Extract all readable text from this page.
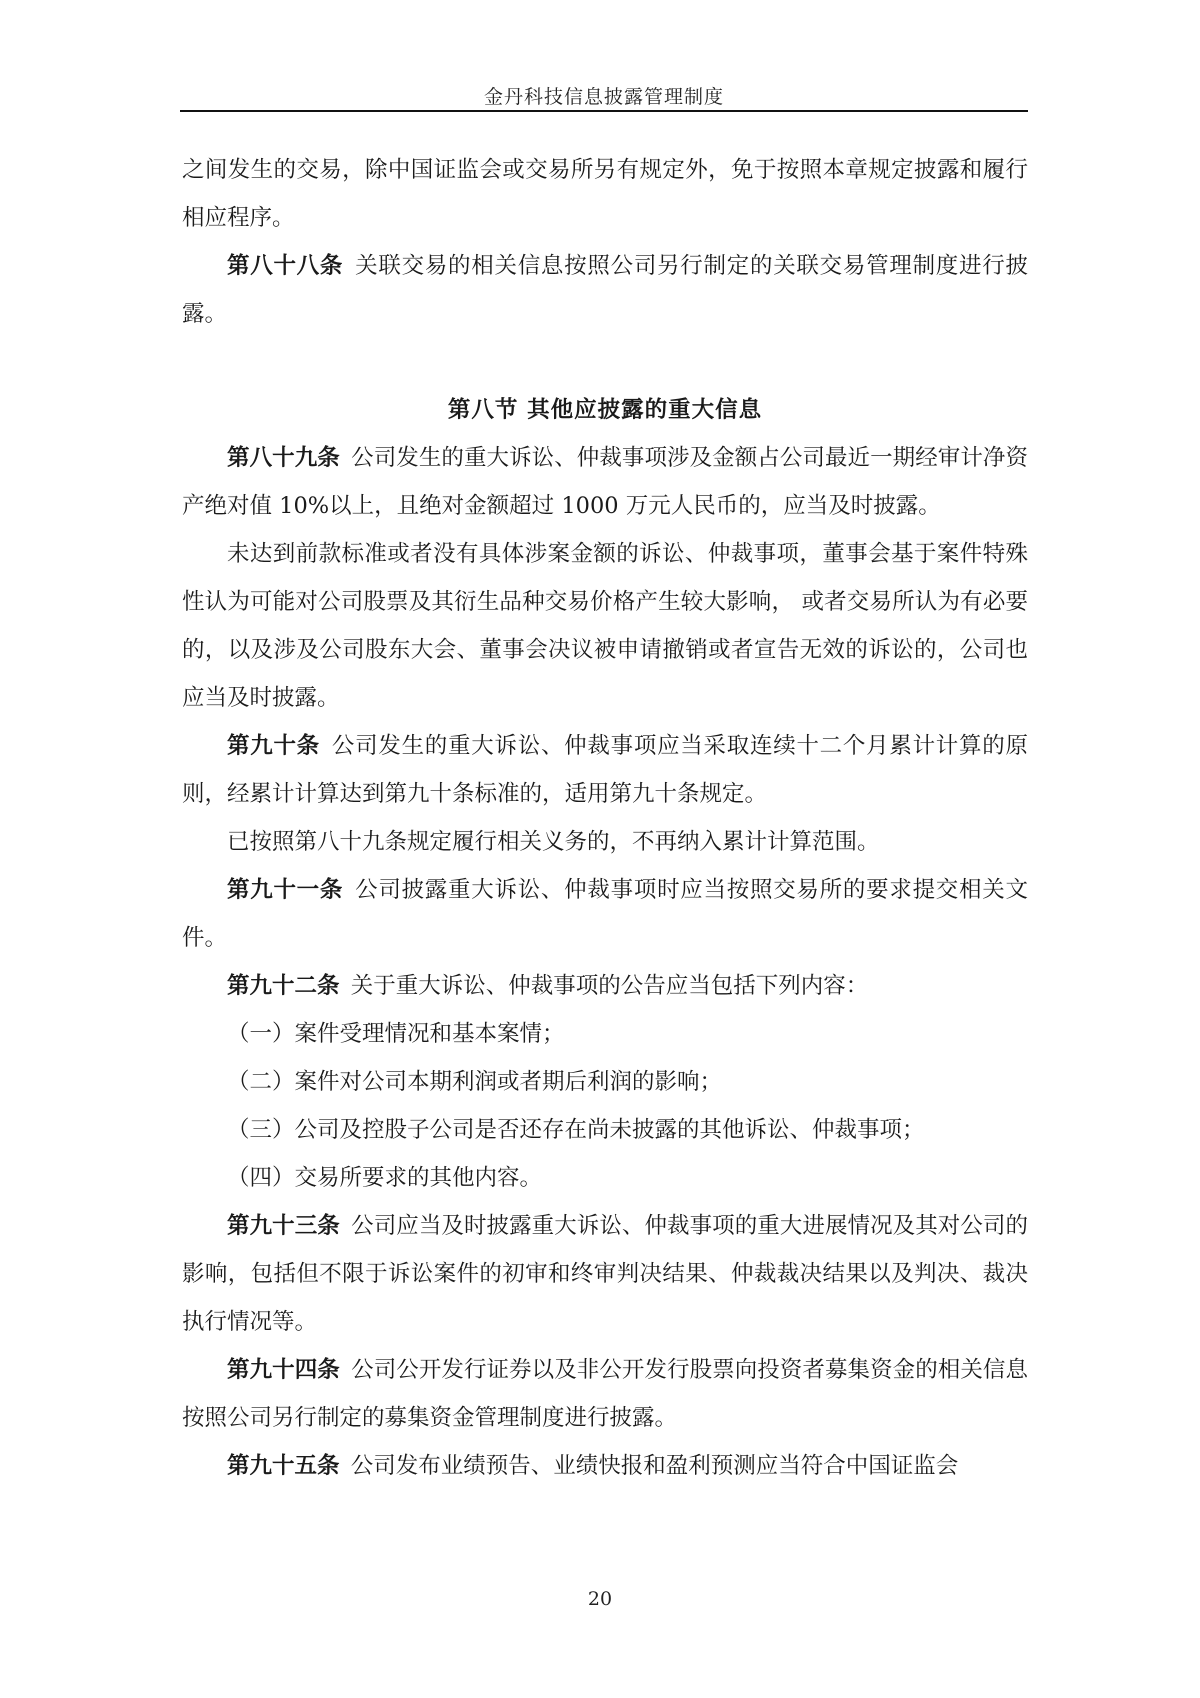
金丹科技信息披露管理制度

之间发生的交易，除中国证监会或交易所另有规定外，免于按照本章规定披露和履行相应程序。

第八十八条  关联交易的相关信息按照公司另行制定的关联交易管理制度进行披露。

第八节 其他应披露的重大信息

第八十九条  公司发生的重大诉讼、仲裁事项涉及金额占公司最近一期经审计净资产绝对值 10%以上，且绝对金额超过 1000 万元人民币的，应当及时披露。

未达到前款标准或者没有具体涉案金额的诉讼、仲裁事项，董事会基于案件特殊性认为可能对公司股票及其衍生品种交易价格产生较大影响， 或者交易所认为有必要的，以及涉及公司股东大会、董事会决议被申请撤销或者宣告无效的诉讼的，公司也应当及时披露。

第九十条  公司发生的重大诉讼、仲裁事项应当采取连续十二个月累计计算的原则，经累计计算达到第九十条标准的，适用第九十条规定。

已按照第八十九条规定履行相关义务的，不再纳入累计计算范围。

第九十一条  公司披露重大诉讼、仲裁事项时应当按照交易所的要求提交相关文件。

第九十二条  关于重大诉讼、仲裁事项的公告应当包括下列内容：

（一）案件受理情况和基本案情；

（二）案件对公司本期利润或者期后利润的影响；

（三）公司及控股子公司是否还存在尚未披露的其他诉讼、仲裁事项；

（四）交易所要求的其他内容。

第九十三条  公司应当及时披露重大诉讼、仲裁事项的重大进展情况及其对公司的影响，包括但不限于诉讼案件的初审和终审判决结果、仲裁裁决结果以及判决、裁决执行情况等。

第九十四条  公司公开发行证券以及非公开发行股票向投资者募集资金的相关信息按照公司另行制定的募集资金管理制度进行披露。

第九十五条  公司发布业绩预告、业绩快报和盈利预测应当符合中国证监会

20
